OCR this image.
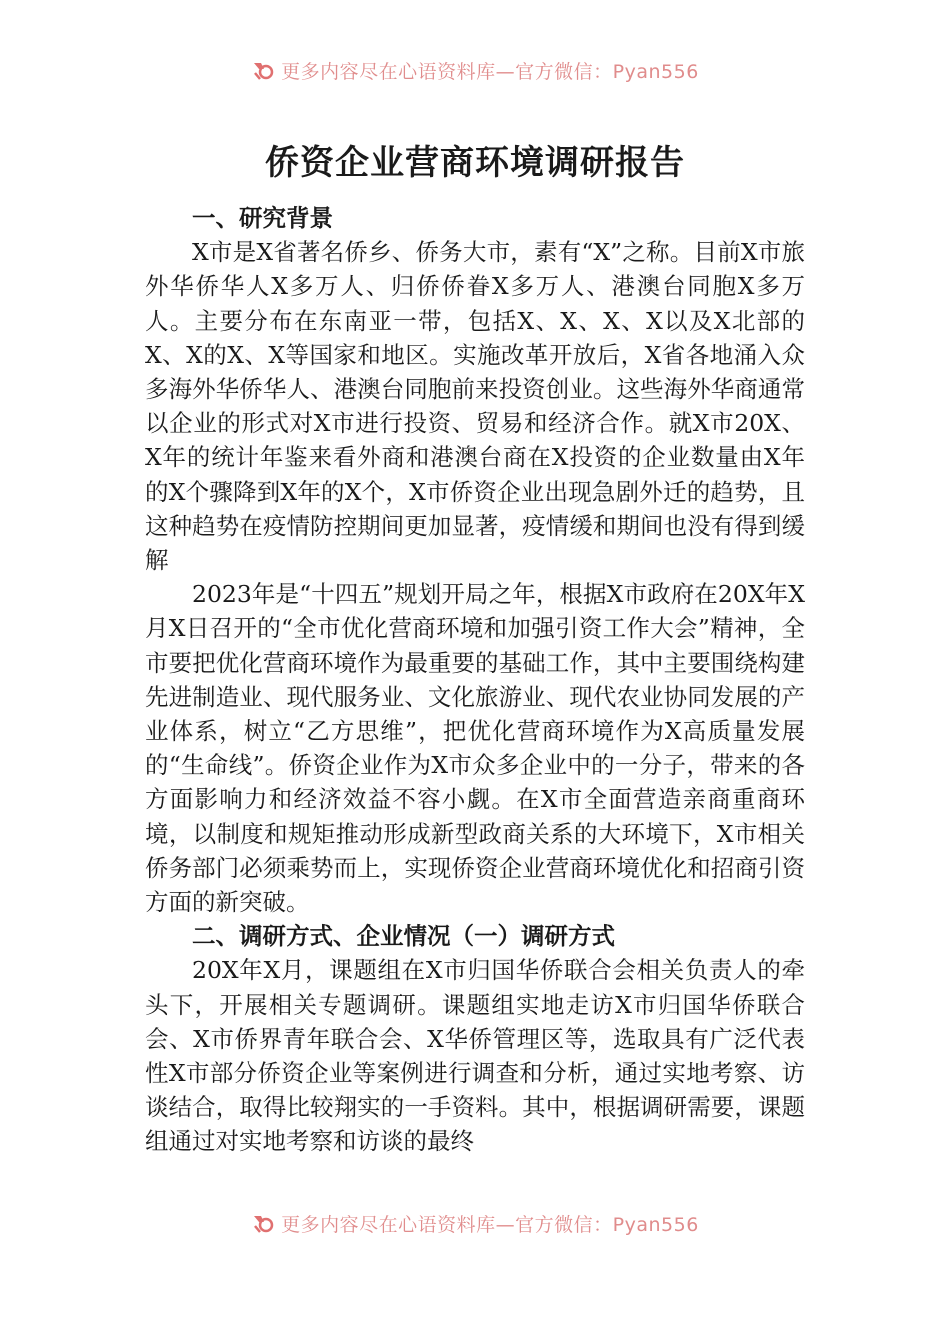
更多内容尽在心语资料库—官方微信：Pyan556
侨资企业营商环境调研报告
一、研究背景

X市是X省著名侨乡、侨务大市，素有“X”之称。目前X市旅外华侨华人X多万人、归侨侨眷X多万人、港澳台同胞X多万人。主要分布在东南亚一带，包括X、X、X、X以及X北部的X、X的X、X等国家和地区。实施改革开放后，X省各地涌入众多海外华侨华人、港澳台同胞前来投资创业。这些海外华商通常以企业的形式对X市进行投资、贸易和经济合作。就X市20X、X年的统计年鉴来看外商和港澳台商在X投资的企业数量由X年的X个骤降到X年的X个，X市侨资企业出现急剧外迁的趋势，且这种趋势在疫情防控期间更加显著，疫情缓和期间也没有得到缓解

2023年是“十四五”规划开局之年，根据X市政府在20X年X月X日召开的“全市优化营商环境和加强引资工作大会”精神，全市要把优化营商环境作为最重要的基础工作，其中主要围绕构建先进制造业、现代服务业、文化旅游业、现代农业协同发展的产业体系，树立“乙方思维”，把优化营商环境作为X高质量发展的“生命线”。侨资企业作为X市众多企业中的一分子，带来的各方面影响力和经济效益不容小觑。在X市全面营造亲商重商环境，以制度和规矩推动形成新型政商关系的大环境下，X市相关侨务部门必须乘势而上，实现侨资企业营商环境优化和招商引资方面的新突破。

二、调研方式、企业情况（一）调研方式

20X年X月，课题组在X市归国华侨联合会相关负责人的牵头下，开展相关专题调研。课题组实地走访X市归国华侨联合会、X市侨界青年联合会、X华侨管理区等，选取具有广泛代表性X市部分侨资企业等案例进行调查和分析，通过实地考察、访谈结合，取得比较翔实的一手资料。其中，根据调研需要，课题组通过对实地考察和访谈的最终

更多内容尽在心语资料库—官方微信：Pyan556
